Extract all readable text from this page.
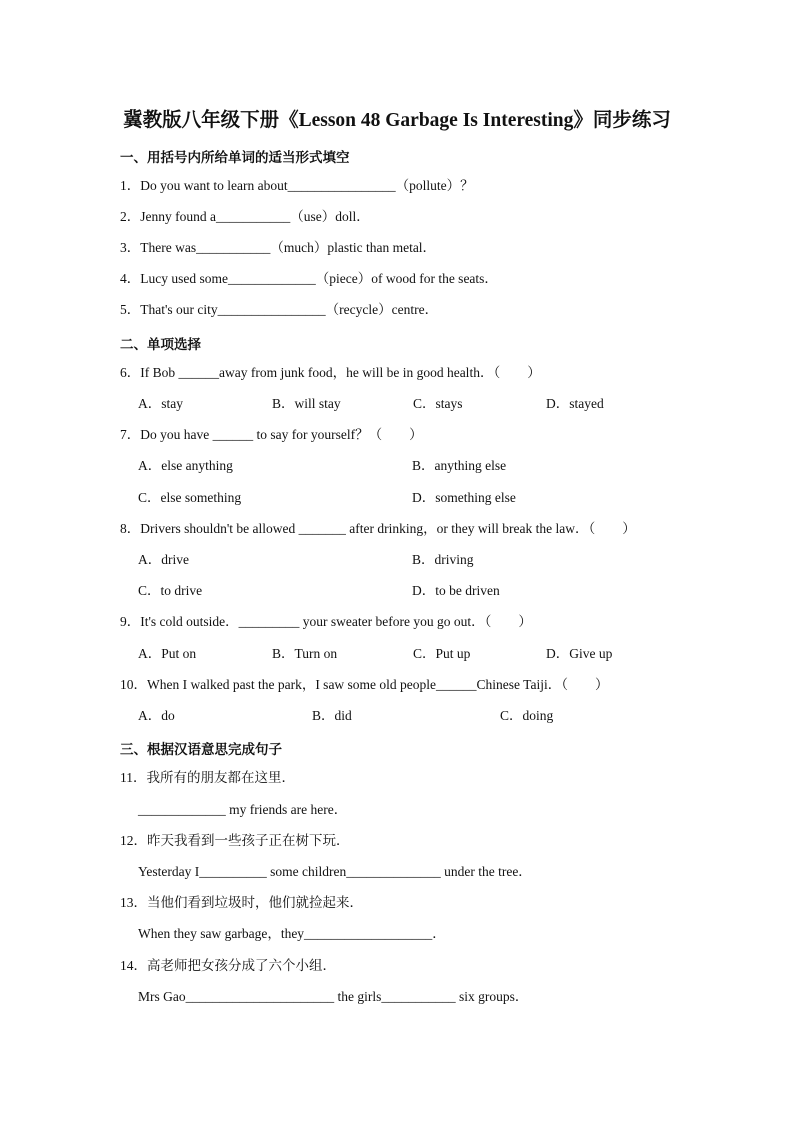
冀教版八年级下册《Lesson 48 Garbage Is Interesting》同步练习
一、用括号内所给单词的适当形式填空
1．Do you want to learn about________________（pollute）？
2．Jenny found a___________（use）doll．
3．There was___________（much）plastic than metal．
4．Lucy used some_____________（piece）of wood for the seats．
5．That's our city________________（recycle）centre．
二、单项选择
6．If Bob ______away from junk food，he will be in good health．（　　）
A．stay	B．will stay	C．stays	D．stayed
7．Do you have ______ to say for yourself？（　　）
A．else anything	B．anything else
C．else something	D．something else
8．Drivers shouldn't be allowed _______ after drinking，or they will break the law．（　　）
A．drive	B．driving
C．to drive	D．to be driven
9．It's cold outside．_________ your sweater before you go out．（　　）
A．Put on	B．Turn on	C．Put up	D．Give up
10．When I walked past the park，I saw some old people______Chinese Taiji．（　　）
A．do	B．did	C．doing
三、根据汉语意思完成句子
11．我所有的朋友都在这里．
_____________ my friends are here．
12．昨天我看到一些孩子正在树下玩．
Yesterday I__________ some children______________ under the tree．
13．当他们看到垃圾时，他们就捡起来．
When they saw garbage，they___________________．
14．高老师把女孩分成了六个小组．
Mrs Gao______________________ the girls___________ six groups．
